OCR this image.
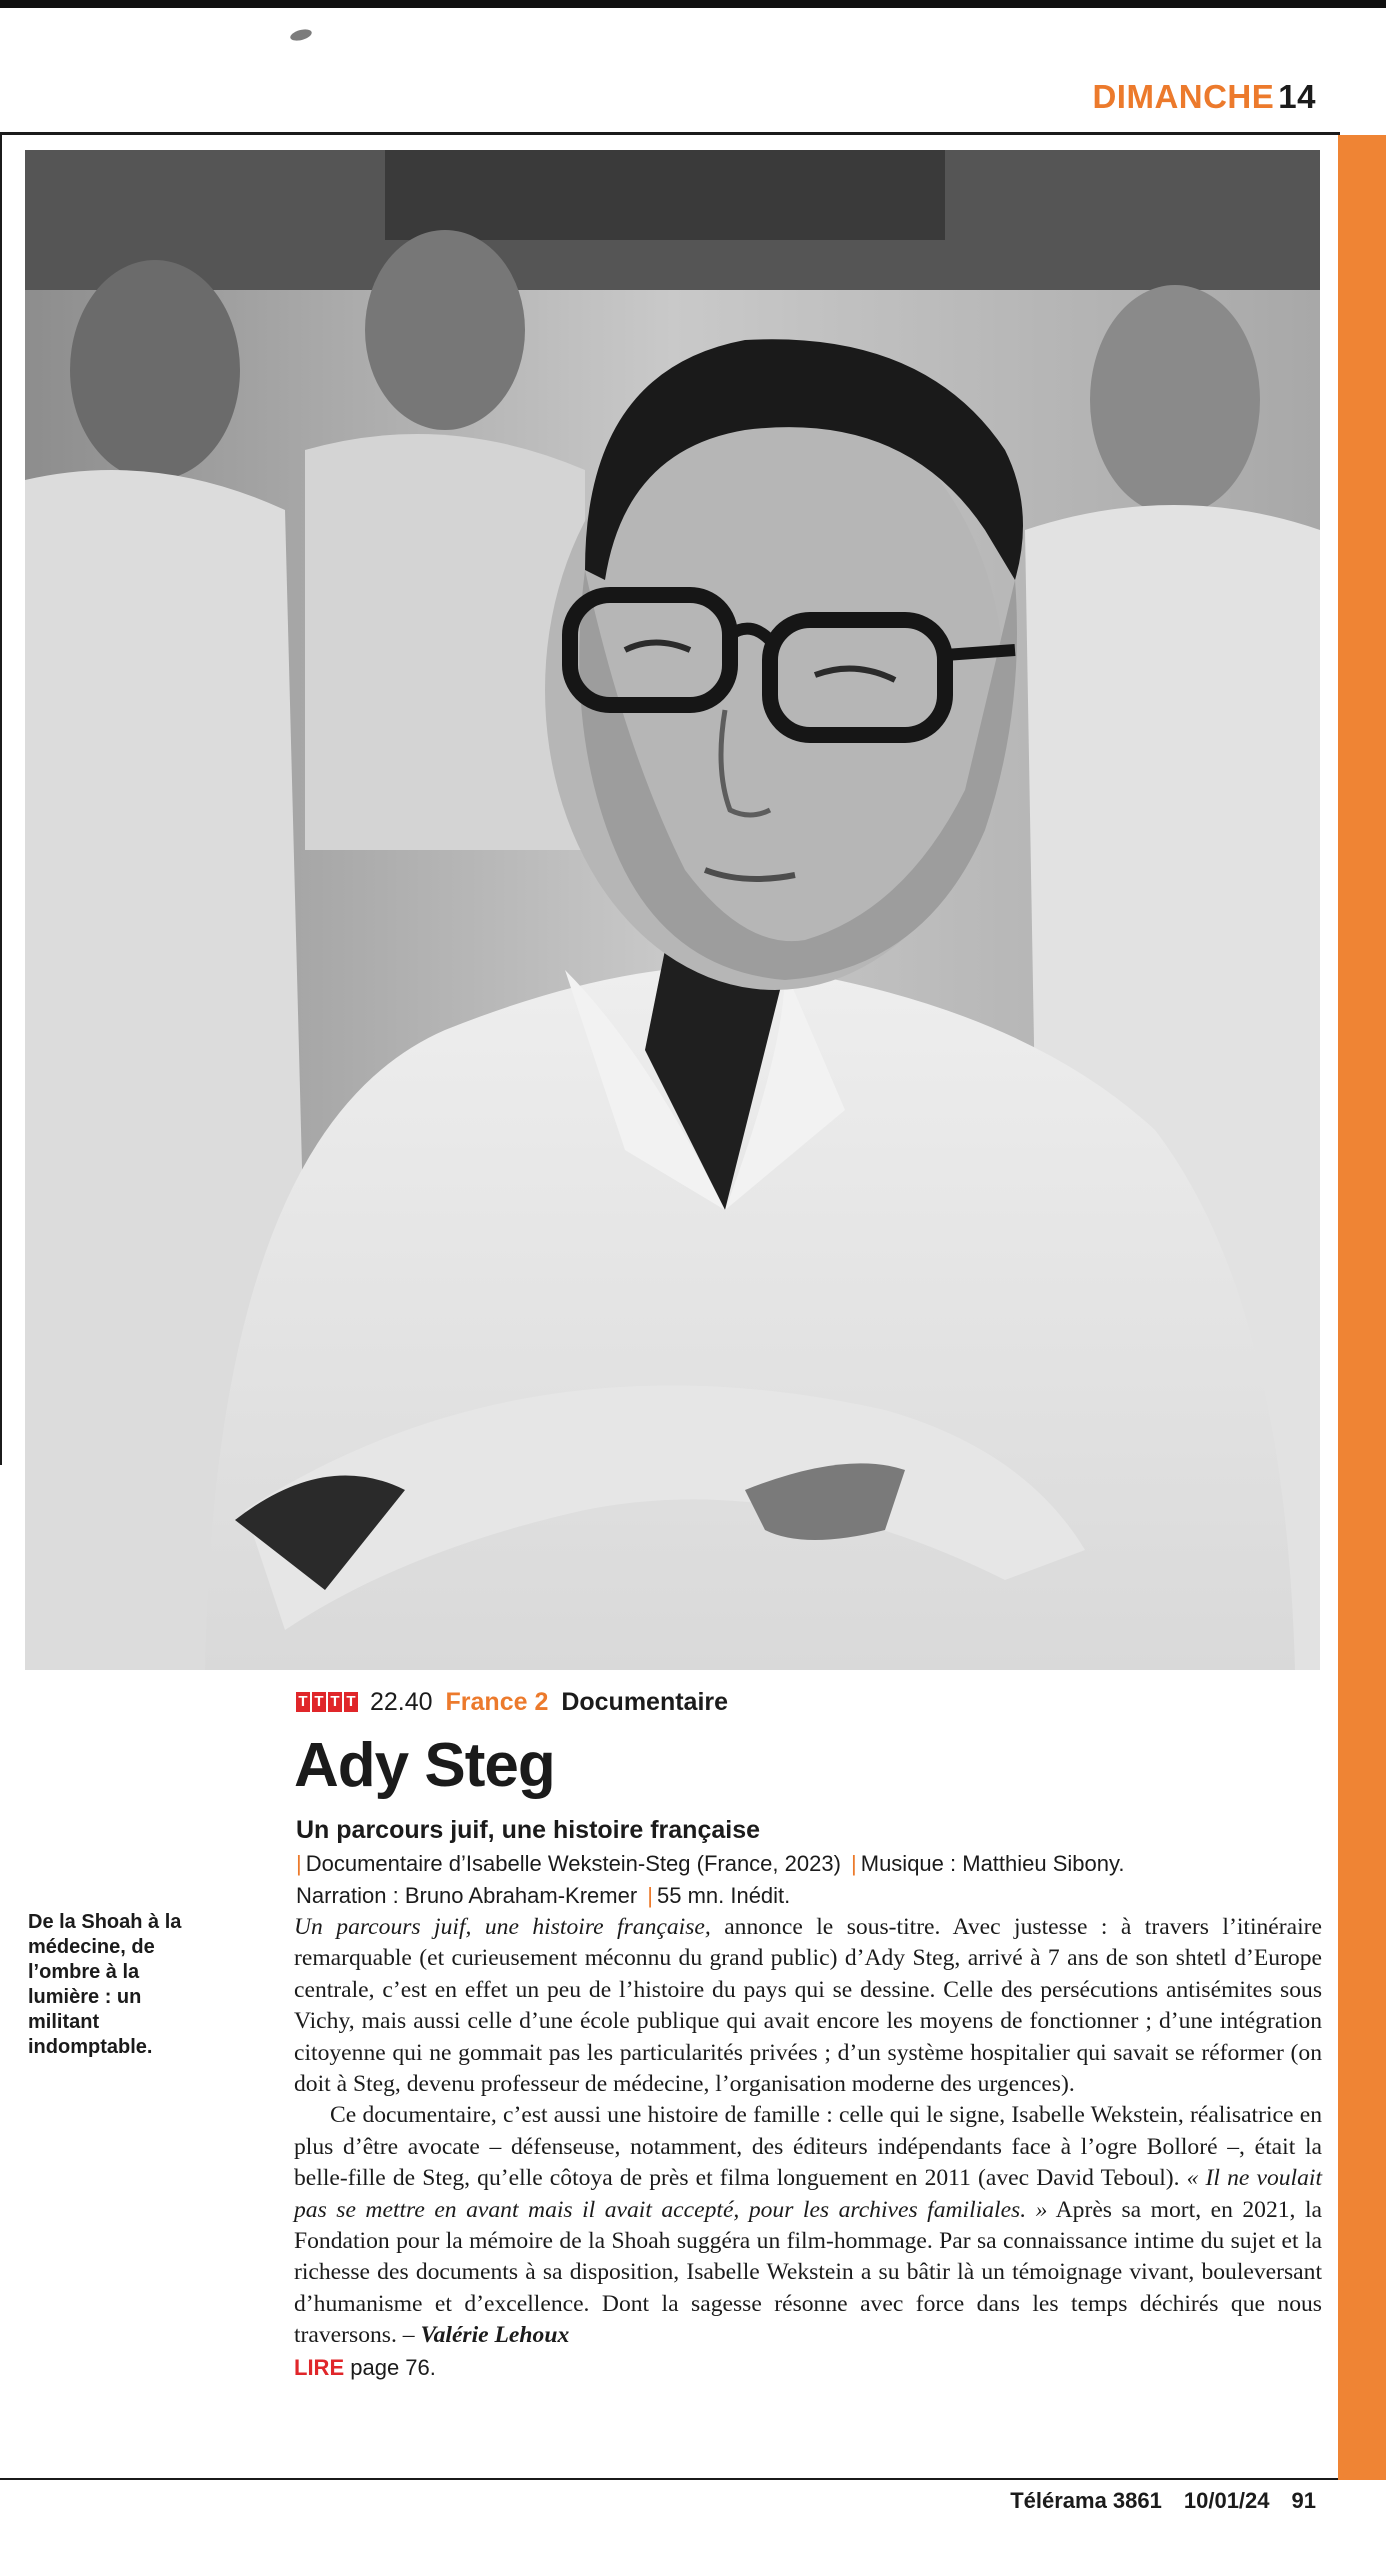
DIMANCHE 14
T T T T 22.40 France 2 Documentaire
Ady Steg
Un parcours juif, une histoire française
| Documentaire d’Isabelle Wekstein-Steg (France, 2023) | Musique : Matthieu Sibony.
Narration : Bruno Abraham-Kremer | 55 mn. Inédit.
De la Shoah à la médecine, de l’ombre à la lumière : un militant indomptable.

Un parcours juif, une histoire française, annonce le sous-titre. Avec justesse : à travers l’itinéraire remarquable (et curieusement méconnu du grand public) d’Ady Steg, arrivé à 7 ans de son shtetl d’Europe centrale, c’est en effet un peu de l’histoire du pays qui se dessine. Celle des persécutions antisémites sous Vichy, mais aussi celle d’une école publique qui avait encore les moyens de fonctionner ; d’une intégration citoyenne qui ne gommait pas les particularités privées ; d’un système hospitalier qui savait se réformer (on doit à Steg, devenu professeur de médecine, l’organisation moderne des urgences).

Ce documentaire, c’est aussi une histoire de famille : celle qui le signe, Isabelle Wekstein, réalisatrice en plus d’être avocate – défenseuse, notamment, des éditeurs indépendants face à l’ogre Bolloré –, était la belle-fille de Steg, qu’elle côtoya de près et filma longuement en 2011 (avec David Teboul). « Il ne voulait pas se mettre en avant mais il avait accepté, pour les archives familiales. » Après sa mort, en 2021, la Fondation pour la mémoire de la Shoah suggéra un film-hommage. Par sa connaissance intime du sujet et la richesse des documents à sa disposition, Isabelle Wekstein a su bâtir là un témoignage vivant, bouleversant d’humanisme et d’excellence. Dont la sagesse résonne avec force dans les temps déchirés que nous traversons. – Valérie Lehoux
LIRE page 76.

Télérama 3861 10/01/24 91
